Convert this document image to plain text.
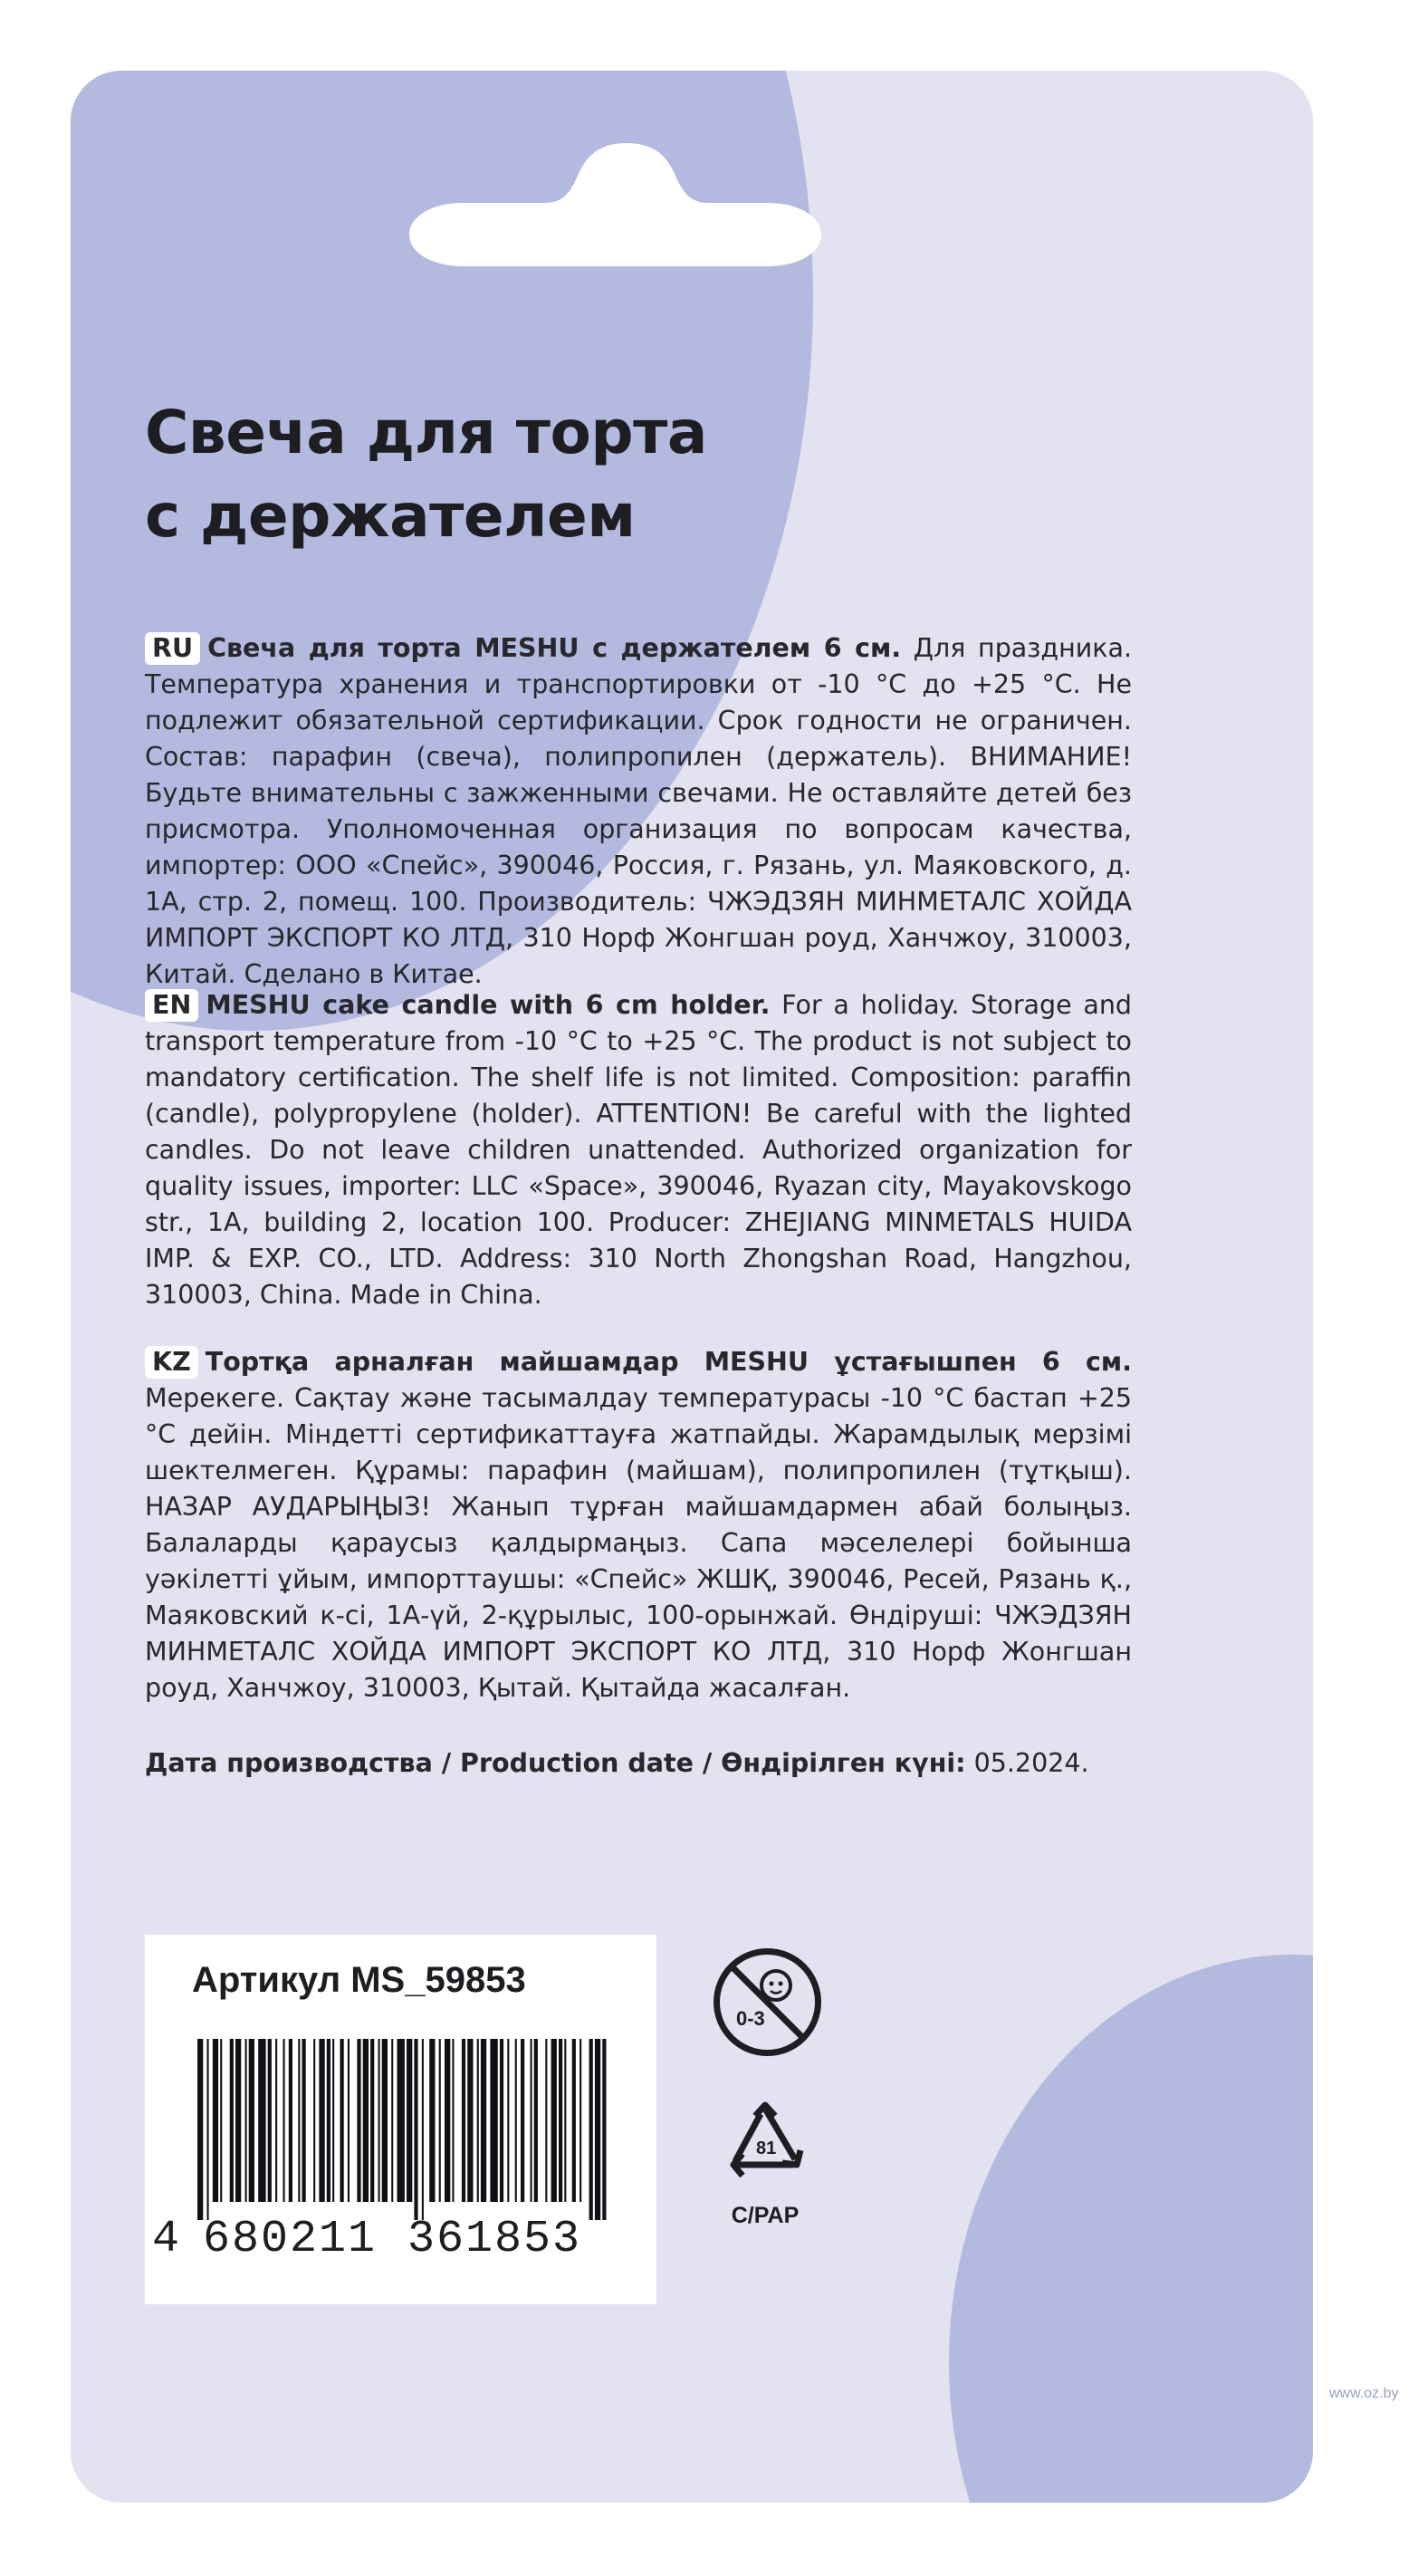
Свеча для торта
с держателем

RU Свеча для торта MESHU с держателем 6 см. Для праздника. Температура хранения и транспортировки от -10 °С до +25 °С. Не подлежит обязательной сертификации. Срок годности не ограничен. Состав: парафин (свеча), полипропилен (держатель). ВНИМАНИЕ! Будьте внимательны с зажженными свечами. Не оставляйте детей без присмотра. Уполномоченная организация по вопросам качества, импортер: ООО «Спейс», 390046, Россия, г. Рязань, ул. Маяковского, д. 1А, стр. 2, помещ. 100. Производитель: ЧЖЭДЗЯН МИНМЕТАЛС ХОЙДА ИМПОРТ ЭКСПОРТ КО ЛТД, 310 Норф Жонгшан роуд, Ханчжоу, 310003, Китай. Сделано в Китае.

EN MESHU cake candle with 6 cm holder. For a holiday. Storage and transport temperature from -10 °C to +25 °C. The product is not subject to mandatory certification. The shelf life is not limited. Composition: paraffin (candle), polypropylene (holder). ATTENTION! Be careful with the lighted candles. Do not leave children unattended. Authorized organization for quality issues, importer: LLC «Space», 390046, Ryazan city, Mayakovskogo str., 1A, building 2, location 100. Producer: ZHEJIANG MINMETALS HUIDA IMP. & EXP. CO., LTD. Address: 310 North Zhongshan Road, Hangzhou, 310003, China. Made in China.

KZ Тортқа арналған майшамдар MESHU ұстағышпен 6 см. Мерекеге. Сақтау және тасымалдау температурасы -10 °С бастап +25 °С дейін. Міндетті сертификаттауға жатпайды. Жарамдылық мерзімі шектелмеген. Құрамы: парафин (майшам), полипропилен (тұтқыш). НАЗАР АУДАРЫҢЫЗ! Жанып тұрған майшамдармен абай болыңыз. Балаларды қараусыз қалдырмаңыз. Сапа мәселелері бойынша уәкілетті ұйым, импорттаушы: «Спейс» ЖШҚ, 390046, Ресей, Рязань қ., Маяковский к-сі, 1А-үй, 2-құрылыс, 100-орынжай. Өндіруші: ЧЖЭДЗЯН МИНМЕТАЛС ХОЙДА ИМПОРТ ЭКСПОРТ КО ЛТД, 310 Норф Жонгшан роуд, Ханчжоу, 310003, Қытай. Қытайда жасалған.

Дата производства / Production date / Өндірілген күні: 05.2024.
Артикул MS_59853
4 680211 361853
0-3
81
C/PAP
www.oz.by
